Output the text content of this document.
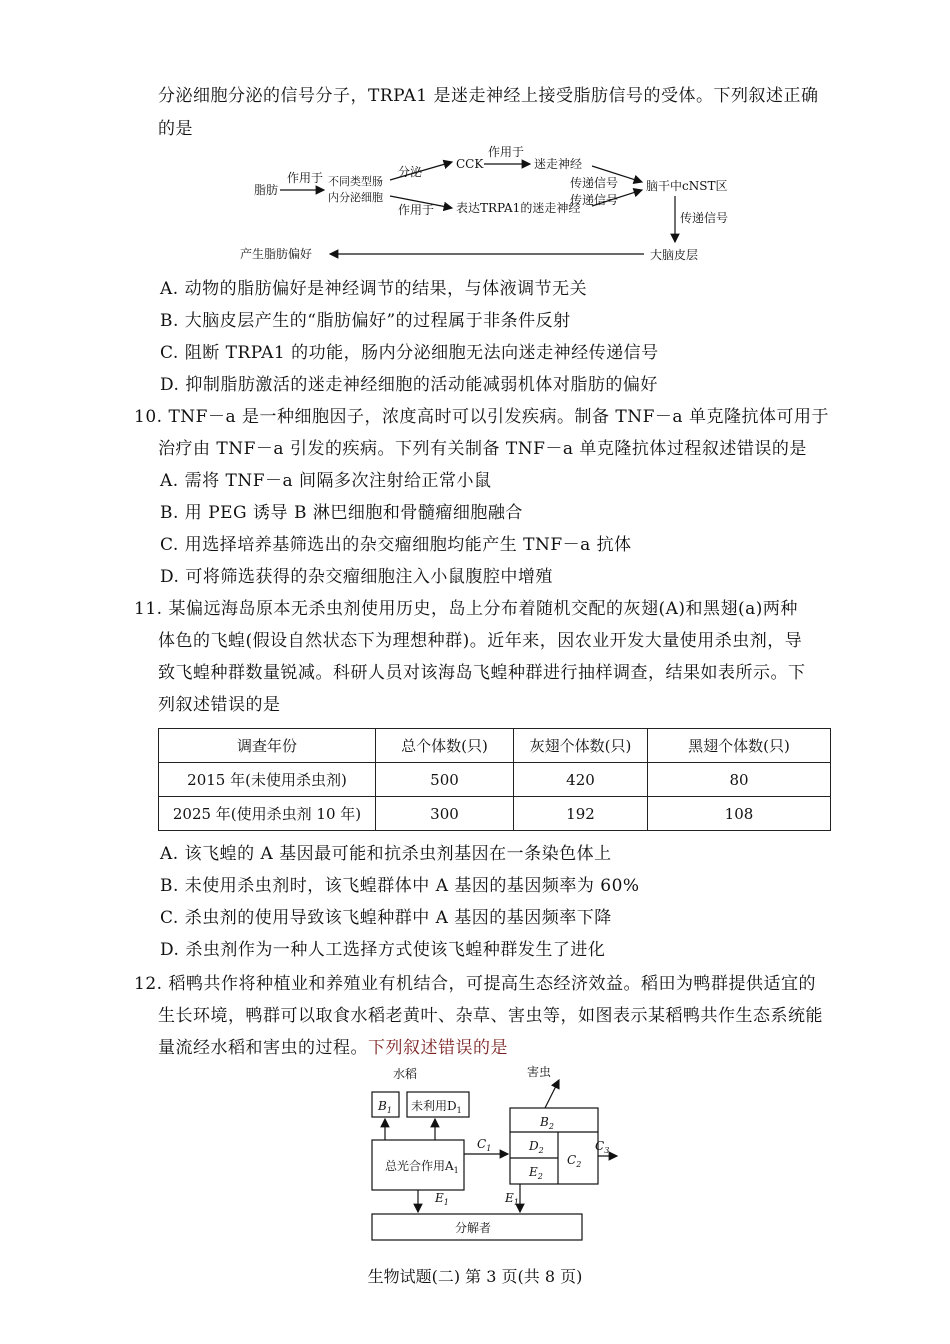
分泌细胞分泌的信号分子，TRPA1 是迷走神经上接受脂肪信号的受体。下列叙述正确
的是
脂肪
作用于 不同类型肠
内分泌细胞
分泌
CCK
作用于
迷走神经
作用于 表达TRPA1的迷走神经
传递信号
传递信号
脑干中cNST区
传递信号
大脑皮层
产生脂肪偏好
A. 动物的脂肪偏好是神经调节的结果，与体液调节无关
B. 大脑皮层产生的“脂肪偏好”的过程属于非条件反射
C. 阻断 TRPA1 的功能，肠内分泌细胞无法向迷走神经传递信号
D. 抑制脂肪激活的迷走神经细胞的活动能减弱机体对脂肪的偏好
10. TNF－a 是一种细胞因子，浓度高时可以引发疾病。制备 TNF－a 单克隆抗体可用于
治疗由 TNF－a 引发的疾病。下列有关制备 TNF－a 单克隆抗体过程叙述错误的是
A. 需将 TNF－a 间隔多次注射给正常小鼠
B. 用 PEG 诱导 B 淋巴细胞和骨髓瘤细胞融合
C. 用选择培养基筛选出的杂交瘤细胞均能产生 TNF－a 抗体
D. 可将筛选获得的杂交瘤细胞注入小鼠腹腔中增殖
11. 某偏远海岛原本无杀虫剂使用历史，岛上分布着随机交配的灰翅(A)和黑翅(a)两种
体色的飞蝗(假设自然状态下为理想种群)。近年来，因农业开发大量使用杀虫剂，导
致飞蝗种群数量锐减。科研人员对该海岛飞蝗种群进行抽样调查，结果如表所示。下
列叙述错误的是
调查年份	总个体数(只)	灰翅个体数(只)	黑翅个体数(只)
2015 年(未使用杀虫剂)	500	420	80
2025 年(使用杀虫剂 10 年)	300	192	108
A. 该飞蝗的 A 基因最可能和抗杀虫剂基因在一条染色体上
B. 未使用杀虫剂时，该飞蝗群体中 A 基因的基因频率为 60%
C. 杀虫剂的使用导致该飞蝗种群中 A 基因的基因频率下降
D. 杀虫剂作为一种人工选择方式使该飞蝗种群发生了进化
12. 稻鸭共作将种植业和养殖业有机结合，可提高生态经济效益。稻田为鸭群提供适宜的
生长环境，鸭群可以取食水稻老黄叶、杂草、害虫等，如图表示某稻鸭共作生态系统能
量流经水稻和害虫的过程。下列叙述错误的是
水稻	害虫
$B_1$ 未利用$D_1$
总光合作用$A_1$
$C_1$
$B_2$
$D_2$
$E_2$
$C_2$
$C_3$
$E_1$	$E_1$
分解者
生物试题(二) 第 3 页(共 8 页)
